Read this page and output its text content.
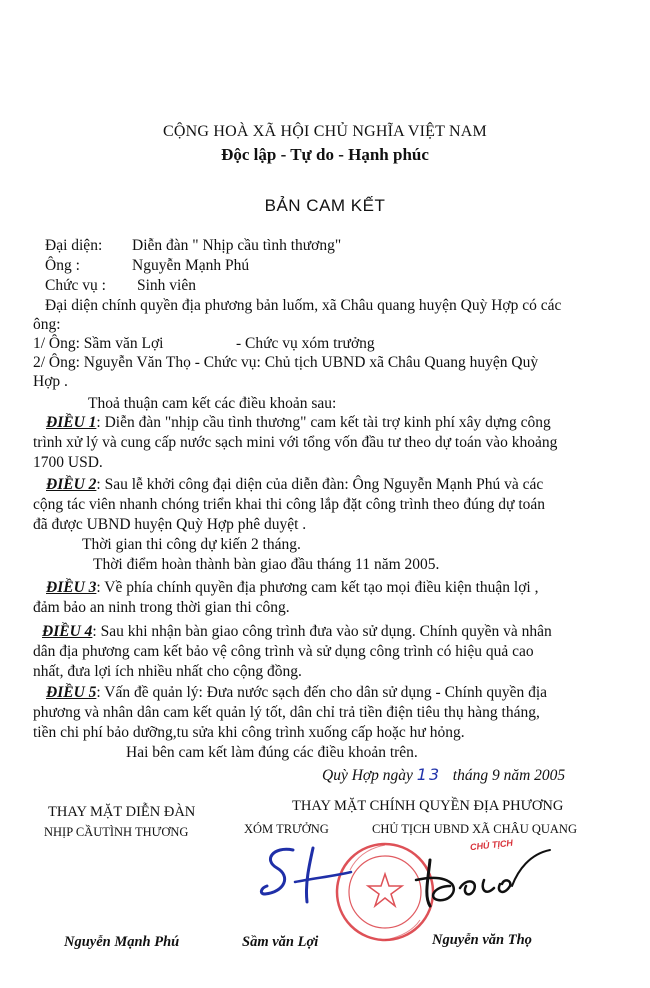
CỘNG HOÀ XÃ HỘI CHỦ NGHĨA VIỆT NAM
Độc lập - Tự do - Hạnh phúc
BẢN CAM KẾT
Đại diện: Diễn đàn " Nhịp cầu tình thương"
Ông :	Nguyễn Mạnh Phú
Chức vụ : Sinh viên
Đại diện chính quyền địa phương bản luốm, xã Châu quang huyện Quỳ Hợp có các
ông:
1/ Ông: Sầm văn Lợi	- Chức vụ xóm trưởng
2/ Ông: Nguyễn Văn Thọ - Chức vụ: Chủ tịch UBND xã Châu Quang huyện Quỳ
Hợp .
Thoả thuận cam kết các điều khoản sau:
ĐIỀU 1: Diễn đàn "nhịp cầu tình thương" cam kết tài trợ kinh phí xây dựng công
trình xử lý và cung cấp nước sạch mini với tổng vốn đầu tư theo dự toán vào khoảng
1700 USD.
ĐIỀU 2: Sau lễ khởi công đại diện của diễn đàn: Ông Nguyễn Mạnh Phú và các
cộng tác viên nhanh chóng triển khai thi công lắp đặt công trình theo đúng dự toán
đã được UBND huyện Quỳ Hợp phê duyệt .
Thời gian thi công dự kiến 2 tháng.
Thời điểm hoàn thành bàn giao đầu tháng 11 năm 2005.
ĐIỀU 3: Về phía chính quyền địa phương cam kết tạo mọi điều kiện thuận lợi ,
đảm bảo an ninh trong thời gian thi công.
ĐIỀU 4: Sau khi nhận bàn giao công trình đưa vào sử dụng. Chính quyền và nhân
dân địa phương cam kết bảo vệ công trình và sử dụng công trình có hiệu quả cao
nhất, đưa lợi ích nhiều nhất cho cộng đồng.
ĐIỀU 5: Vấn đề quản lý: Đưa nước sạch đến cho dân sử dụng - Chính quyền địa
phương và nhân dân cam kết quản lý tốt, dân chỉ trả tiền điện tiêu thụ hàng tháng,
tiền chi phí bảo dưỡng,tu sửa khi công trình xuống cấp hoặc hư hỏng.
Hai bên cam kết làm đúng các điều khoản trên.
Quỳ Hợp ngày 13 tháng 9 năm 2005
THAY MẶT DIỄN ĐÀN
NHỊP CẦUTÌNH THƯƠNG
THAY MẶT CHÍNH QUYỀN ĐỊA PHƯƠNG
XÓM TRƯỞNG	CHỦ TỊCH UBND XÃ CHÂU QUANG
CHỦ TỊCH
Nguyễn Mạnh Phú	Sầm văn Lợi	Nguyễn văn Thọ
